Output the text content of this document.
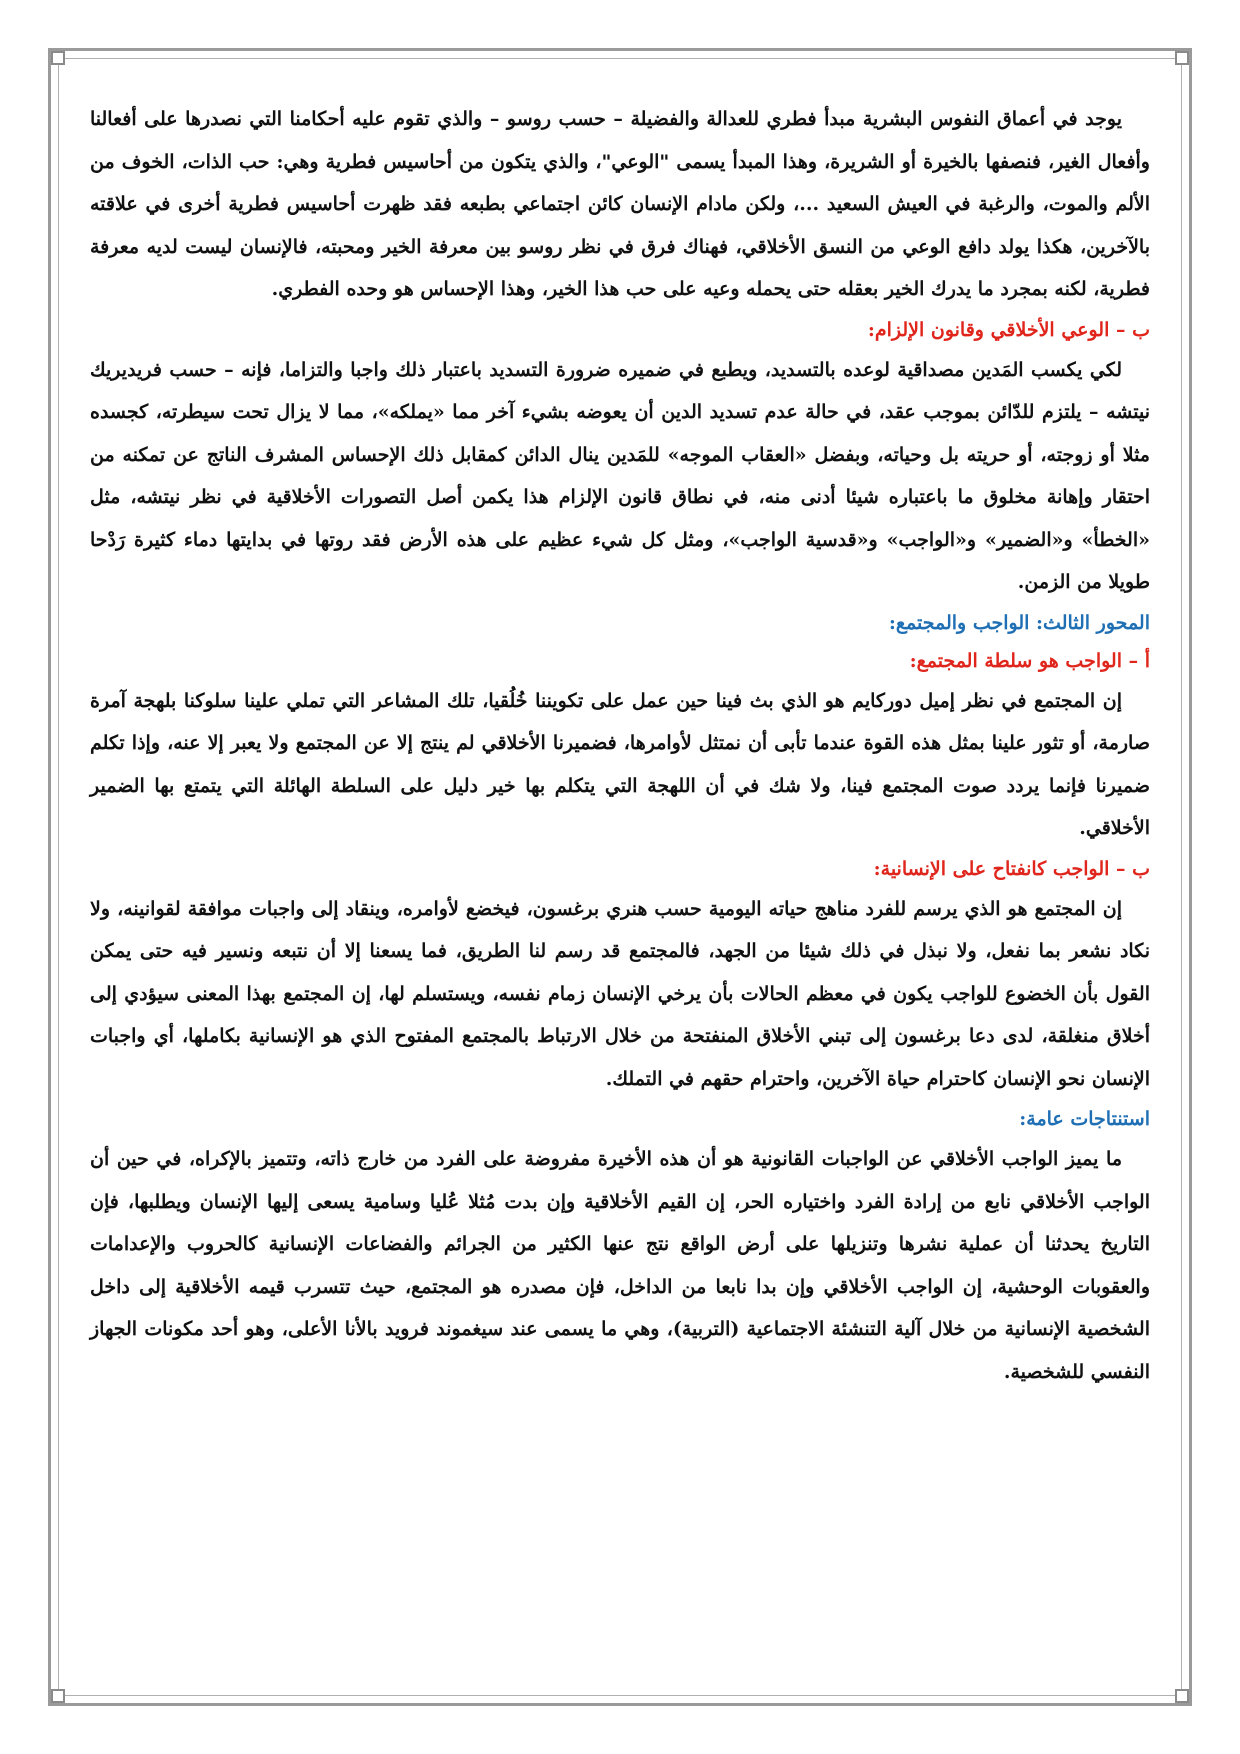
يوجد في أعماق النفوس البشرية مبدأ فطري للعدالة والفضيلة – حسب روسو – والذي تقوم عليه أحكامنا التي نصدرها على أفعالنا وأفعال الغير، فنصفها بالخيرة أو الشريرة، وهذا المبدأ يسمى "الوعي"، والذي يتكون من أحاسيس فطرية وهي: حب الذات، الخوف من الألم والموت، والرغبة في العيش السعيد ...، ولكن مادام الإنسان كائن اجتماعي بطبعه فقد ظهرت أحاسيس فطرية أخرى في علاقته بالآخرين، هكذا يولد دافع الوعي من النسق الأخلاقي، فهناك فرق في نظر روسو بين معرفة الخير ومحبته، فالإنسان ليست لديه معرفة فطرية، لكنه بمجرد ما يدرك الخير بعقله حتى يحمله وعيه على حب هذا الخير، وهذا الإحساس هو وحده الفطري.

ب – الوعي الأخلاقي وقانون الإلزام:

لكي يكسب المَدين مصداقية لوعده بالتسديد، ويطبع في ضميره ضرورة التسديد باعتبار ذلك واجبا والتزاما، فإنه – حسب فريديريك نيتشه – يلتزم للدّائن بموجب عقد، في حالة عدم تسديد الدين أن يعوضه بشيء آخر مما «يملكه»، مما لا يزال تحت سيطرته، كجسده مثلا أو زوجته، أو حريته بل وحياته، وبفضل «العقاب الموجه» للمَدين ينال الدائن كمقابل ذلك الإحساس المشرف الناتج عن تمكنه من احتقار وإهانة مخلوق ما باعتباره شيئا أدنى منه، في نطاق قانون الإلزام هذا يكمن أصل التصورات الأخلاقية في نظر نيتشه، مثل «الخطأ» و«الضمير» و«الواجب» و«قدسية الواجب»، ومثل كل شيء عظيم على هذه الأرض فقد روتها في بدايتها دماء كثيرة رَدْحا طويلا من الزمن.

المحور الثالث: الواجب والمجتمع:

أ – الواجب هو سلطة المجتمع:

إن المجتمع في نظر إميل دوركايم هو الذي بث فينا حين عمل على تكويننا خُلُقيا، تلك المشاعر التي تملي علينا سلوكنا بلهجة آمرة صارمة، أو تثور علينا بمثل هذه القوة عندما تأبى أن نمتثل لأوامرها، فضميرنا الأخلاقي لم ينتج إلا عن المجتمع ولا يعبر إلا عنه، وإذا تكلم ضميرنا فإنما يردد صوت المجتمع فينا، ولا شك في أن اللهجة التي يتكلم بها خير دليل على السلطة الهائلة التي يتمتع بها الضمير الأخلاقي.

ب – الواجب كانفتاح على الإنسانية:

إن المجتمع هو الذي يرسم للفرد مناهج حياته اليومية حسب هنري برغسون، فيخضع لأوامره، وينقاد إلى واجبات موافقة لقوانينه، ولا نكاد نشعر بما نفعل، ولا نبذل في ذلك شيئا من الجهد، فالمجتمع قد رسم لنا الطريق، فما يسعنا إلا أن نتبعه ونسير فيه حتى يمكن القول بأن الخضوع للواجب يكون في معظم الحالات بأن يرخي الإنسان زمام نفسه، ويستسلم لها، إن المجتمع بهذا المعنى سيؤدي إلى أخلاق منغلقة، لدى دعا برغسون إلى تبني الأخلاق المنفتحة من خلال الارتباط بالمجتمع المفتوح الذي هو الإنسانية بكاملها، أي واجبات الإنسان نحو الإنسان كاحترام حياة الآخرين، واحترام حقهم في التملك.

استنتاجات عامة:

ما يميز الواجب الأخلاقي عن الواجبات القانونية هو أن هذه الأخيرة مفروضة على الفرد من خارج ذاته، وتتميز بالإكراه، في حين أن الواجب الأخلاقي نابع من إرادة الفرد واختياره الحر، إن القيم الأخلاقية وإن بدت مُثلا عُليا وسامية يسعى إليها الإنسان ويطلبها، فإن التاريخ يحدثنا أن عملية نشرها وتنزيلها على أرض الواقع نتج عنها الكثير من الجرائم والفضاعات الإنسانية كالحروب والإعدامات والعقوبات الوحشية، إن الواجب الأخلاقي وإن بدا نابعا من الداخل، فإن مصدره هو المجتمع، حيث تتسرب قيمه الأخلاقية إلى داخل الشخصية الإنسانية من خلال آلية التنشئة الاجتماعية (التربية)، وهي ما يسمى عند سيغموند فرويد بالأنا الأعلى، وهو أحد مكونات الجهاز النفسي للشخصية.
